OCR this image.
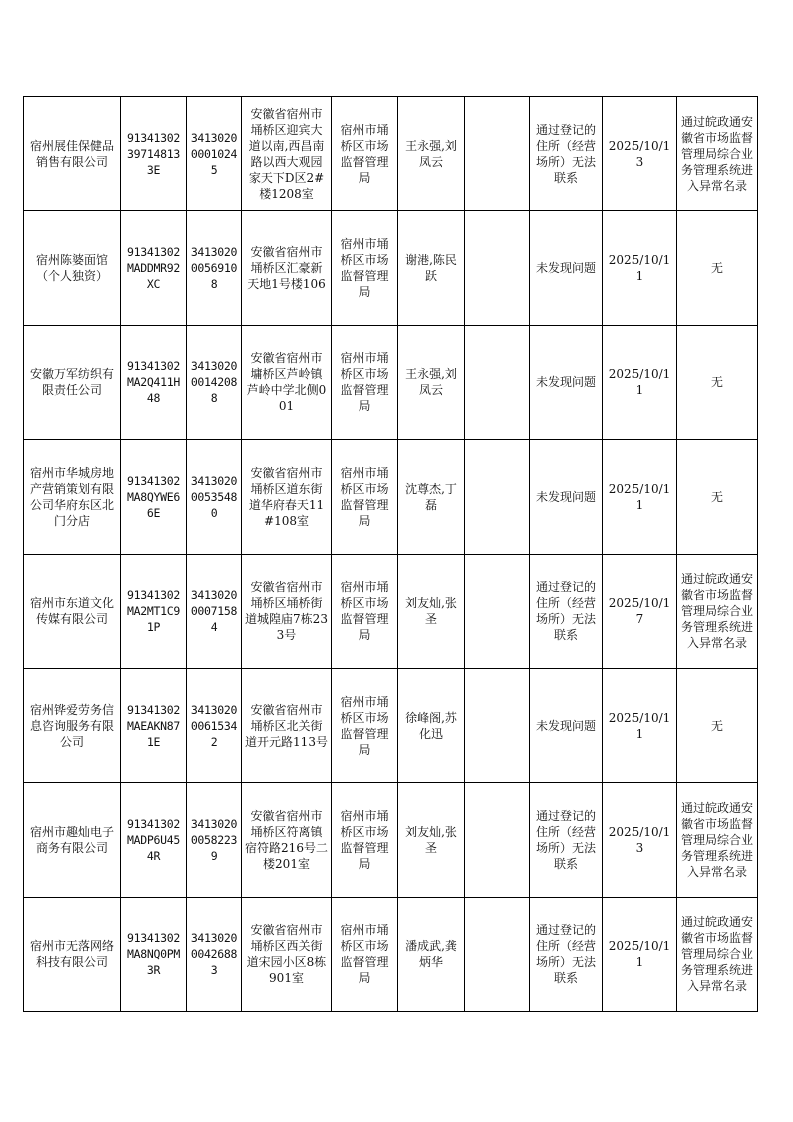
宿州展佳保健品销售有限公司	91341302397148133E	341302000010245	安徽省宿州市埇桥区迎宾大道以南,西昌南路以西大观园家天下D区2#楼1208室	宿州市埇桥区市场监督管理局	王永强,刘凤云		通过登记的住所（经营场所）无法联系	2025/10/13	通过皖政通安徽省市场监督管理局综合业务管理系统进入异常名录
宿州陈婆面馆（个人独资）	91341302MADDMR92XC	341302000569108	安徽省宿州市埇桥区汇豪新天地1号楼106	宿州市埇桥区市场监督管理局	谢港,陈民跃		未发现问题	2025/10/11	无
安徽万军纺织有限责任公司	91341302MA2Q411H48	341302000142088	安徽省宿州市墉桥区芦岭镇芦岭中学北侧001	宿州市埇桥区市场监督管理局	王永强,刘凤云		未发现问题	2025/10/11	无
宿州市华城房地产营销策划有限公司华府东区北门分店	91341302MA8QYWE66E	341302000535480	安徽省宿州市埇桥区道东街道华府春天11#108室	宿州市埇桥区市场监督管理局	沈尊杰,丁磊		未发现问题	2025/10/11	无
宿州市东道文化传媒有限公司	91341302MA2MT1C91P	341302000071584	安徽省宿州市埇桥区埇桥街道城隍庙7栋233号	宿州市埇桥区市场监督管理局	刘友灿,张圣		通过登记的住所（经营场所）无法联系	2025/10/17	通过皖政通安徽省市场监督管理局综合业务管理系统进入异常名录
宿州铧爱劳务信息咨询服务有限公司	91341302MAEAKN871E	341302000615342	安徽省宿州市埇桥区北关街道开元路113号	宿州市埇桥区市场监督管理局	徐峰阁,苏化迅		未发现问题	2025/10/11	无
宿州市趣灿电子商务有限公司	91341302MADP6U454R	341302000582239	安徽省宿州市埇桥区符离镇宿符路216号二楼201室	宿州市埇桥区市场监督管理局	刘友灿,张圣		通过登记的住所（经营场所）无法联系	2025/10/13	通过皖政通安徽省市场监督管理局综合业务管理系统进入异常名录
宿州市无落网络科技有限公司	91341302MA8NQ0PM3R	341302000426883	安徽省宿州市埇桥区西关街道宋园小区8栋901室	宿州市埇桥区市场监督管理局	潘成武,龚炳华		通过登记的住所（经营场所）无法联系	2025/10/11	通过皖政通安徽省市场监督管理局综合业务管理系统进入异常名录
